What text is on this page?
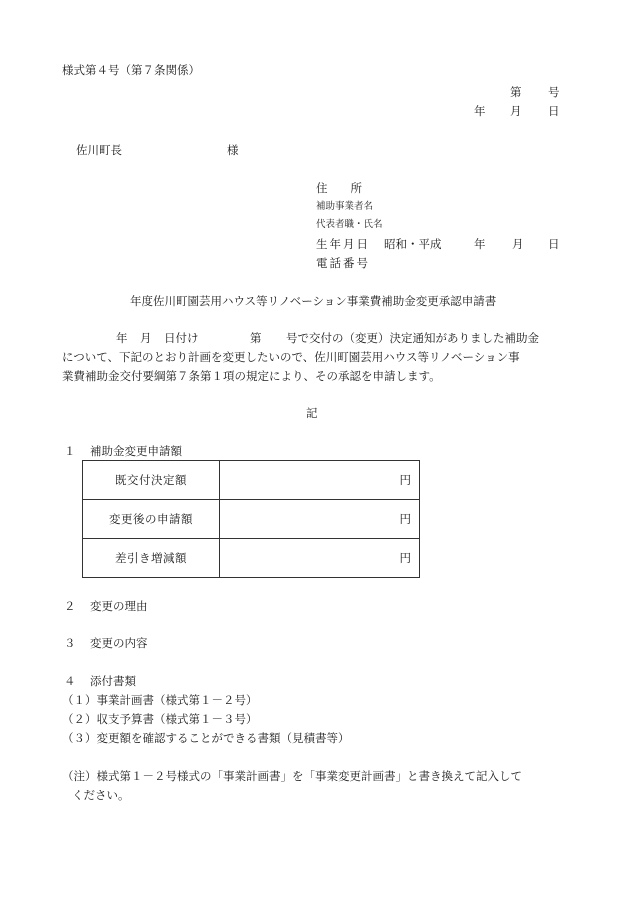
様式第４号（第７条関係）
第 号
年 月 日
佐川町長	様
住　　所
補助事業者名
代表者職・氏名
生年月日 昭和・平成	年 月 日
電話番号
年度佐川町園芸用ハウス等リノベーション事業費補助金変更承認申請書
年 月 日付け	第 号で交付の（変更）決定通知がありました補助金
について、下記のとおり計画を変更したいので、佐川町園芸用ハウス等リノベーション事
業費補助金交付要綱第７条第１項の規定により、その承認を申請します。
記
１ 補助金変更申請額
既交付決定額	円
変更後の申請額	円
差引き増減額	円
２ 変更の理由
３ 変更の内容
４ 添付書類
（１）事業計画書（様式第１－２号）
（２）収支予算書（様式第１－３号）
（３）変更額を確認することができる書類（見積書等）
（注）様式第１－２号様式の「事業計画書」を「事業変更計画書」と書き換えて記入して
ください。
